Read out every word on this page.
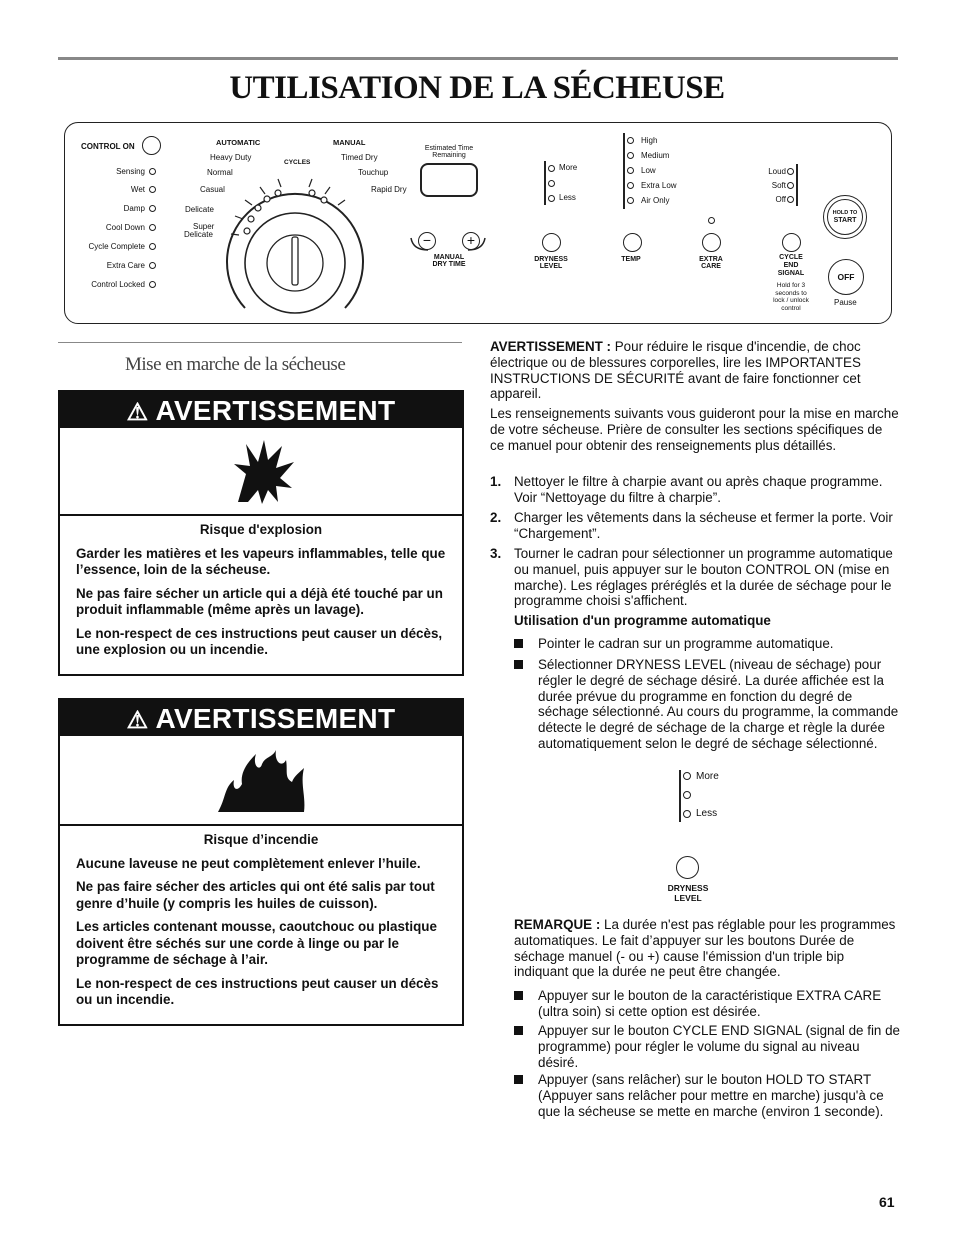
UTILISATION DE LA SÉCHEUSE
CONTROL ON
Sensing
Wet
Damp
Cool Down
Cycle Complete
Extra Care
Control Locked
AUTOMATIC	MANUAL
CYCLES
Heavy Duty
Normal
Casual
Delicate
Super
Delicate
Timed Dry
Touchup
Rapid Dry
Estimated Time
Remaining
−	+
MANUAL
DRY TIME
More
Less
DRYNESS
LEVEL
High
Medium
Low
Extra Low
Air Only
TEMP	EXTRA
CARE
Loud
Soft
Off
CYCLE
END
SIGNAL
Hold for 3
seconds to
lock / unlock
control
HOLD TO
START
OFF
Pause
Mise en marche de la sécheuse
⚠ AVERTISSEMENT

Risque d'explosion

Garder les matières et les vapeurs inflammables, telle que l’essence, loin de la sécheuse.

Ne pas faire sécher un article qui a déjà été touché par un produit inflammable (même après un lavage).

Le non-respect de ces instructions peut causer un décès, une explosion ou un incendie.

⚠ AVERTISSEMENT

Risque d’incendie

Aucune laveuse ne peut complètement enlever l’huile.

Ne pas faire sécher des articles qui ont été salis par tout genre d’huile (y compris les huiles de cuisson).

Les articles contenant mousse, caoutchouc ou plastique doivent être séchés sur une corde à linge ou par le programme de séchage à l’air.

Le non-respect de ces instructions peut causer un décès ou un incendie.

AVERTISSEMENT : Pour réduire le risque d'incendie, de choc électrique ou de blessures corporelles, lire les IMPORTANTES INSTRUCTIONS DE SÉCURITÉ avant de faire fonctionner cet appareil.

Les renseignements suivants vous guideront pour la mise en marche de votre sécheuse. Prière de consulter les sections spécifiques de ce manuel pour obtenir des renseignements plus détaillés.
1. Nettoyer le filtre à charpie avant ou après chaque programme. Voir “Nettoyage du filtre à charpie”.
2. Charger les vêtements dans la sécheuse et fermer la porte. Voir “Chargement”.
3. Tourner le cadran pour sélectionner un programme automatique ou manuel, puis appuyer sur le bouton CONTROL ON (mise en marche). Les réglages préréglés et la durée de séchage pour le programme choisi s'affichent.
Utilisation d'un programme automatique
Pointer le cadran sur un programme automatique.
Sélectionner DRYNESS LEVEL (niveau de séchage) pour régler le degré de séchage désiré. La durée affichée est la durée prévue du programme en fonction du degré de séchage sélectionné. Au cours du programme, la commande détecte le degré de séchage de la charge et règle la durée automatiquement selon le degré de séchage sélectionné.
More
Less
DRYNESS
LEVEL
REMARQUE : La durée n'est pas réglable pour les programmes automatiques. Le fait d’appuyer sur les boutons Durée de séchage manuel (- ou +) cause l'émission d'un triple bip indiquant que la durée ne peut être changée.
Appuyer sur le bouton de la caractéristique EXTRA CARE (ultra soin) si cette option est désirée.
Appuyer sur le bouton CYCLE END SIGNAL (signal de fin de programme) pour régler le volume du signal au niveau désiré.
Appuyer (sans relâcher) sur le bouton HOLD TO START (Appuyer sans relâcher pour mettre en marche) jusqu'à ce que la sécheuse se mette en marche (environ 1 seconde).
61
